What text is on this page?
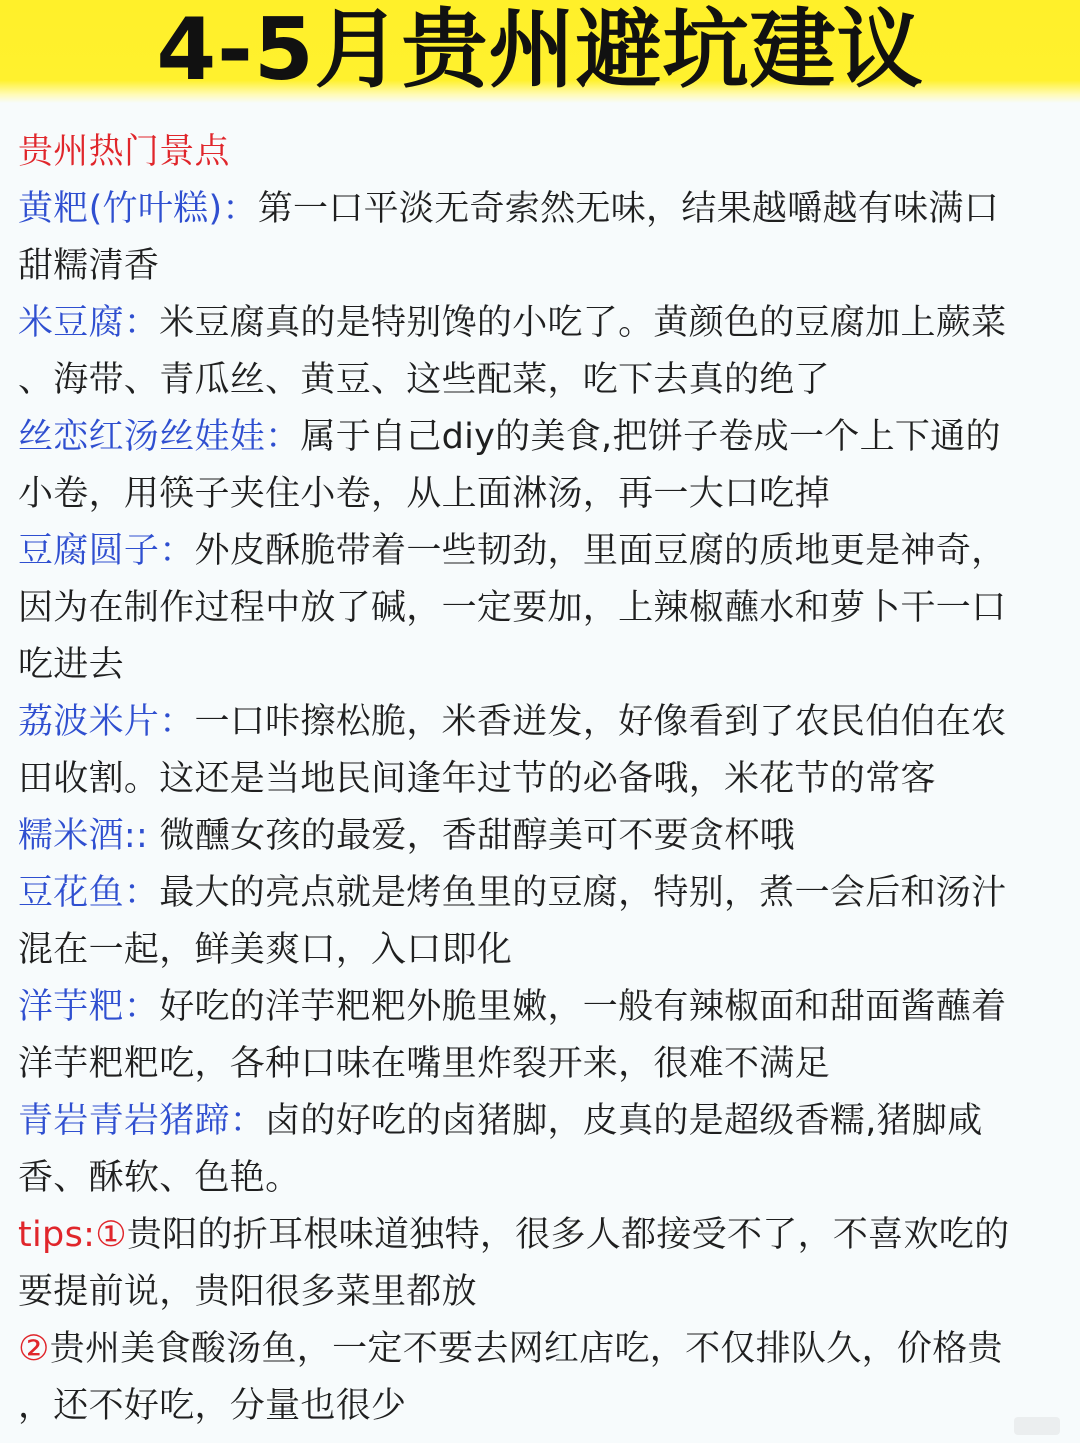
4-5月贵州避坑建议
贵州热门景点
黄粑(竹叶糕)：第一口平淡无奇索然无味，结果越嚼越有味满口
甜糯清香
米豆腐：米豆腐真的是特别馋的小吃了。黄颜色的豆腐加上蕨菜
、海带、青瓜丝、黄豆、这些配菜，吃下去真的绝了
丝恋红汤丝娃娃：属于自己diy的美食,把饼子卷成一个上下通的
小卷，用筷子夹住小卷，从上面淋汤，再一大口吃掉
豆腐圆子：外皮酥脆带着一些韧劲，里面豆腐的质地更是神奇，
因为在制作过程中放了碱，一定要加，上辣椒蘸水和萝卜干一口
吃进去
荔波米片：一口咔擦松脆，米香迸发，好像看到了农民伯伯在农
田收割。这还是当地民间逢年过节的必备哦，米花节的常客
糯米酒:: 微醺女孩的最爱，香甜醇美可不要贪杯哦
豆花鱼：最大的亮点就是烤鱼里的豆腐，特别，煮一会后和汤汁
混在一起，鲜美爽口，入口即化
洋芋粑：好吃的洋芋粑粑外脆里嫩，一般有辣椒面和甜面酱蘸着
洋芋粑粑吃，各种口味在嘴里炸裂开来，很难不满足
青岩青岩猪蹄：卤的好吃的卤猪脚，皮真的是超级香糯,猪脚咸
香、酥软、色艳。
tips:①贵阳的折耳根味道独特，很多人都接受不了，不喜欢吃的
要提前说，贵阳很多菜里都放
②贵州美食酸汤鱼，一定不要去网红店吃，不仅排队久，价格贵
，还不好吃，分量也很少
